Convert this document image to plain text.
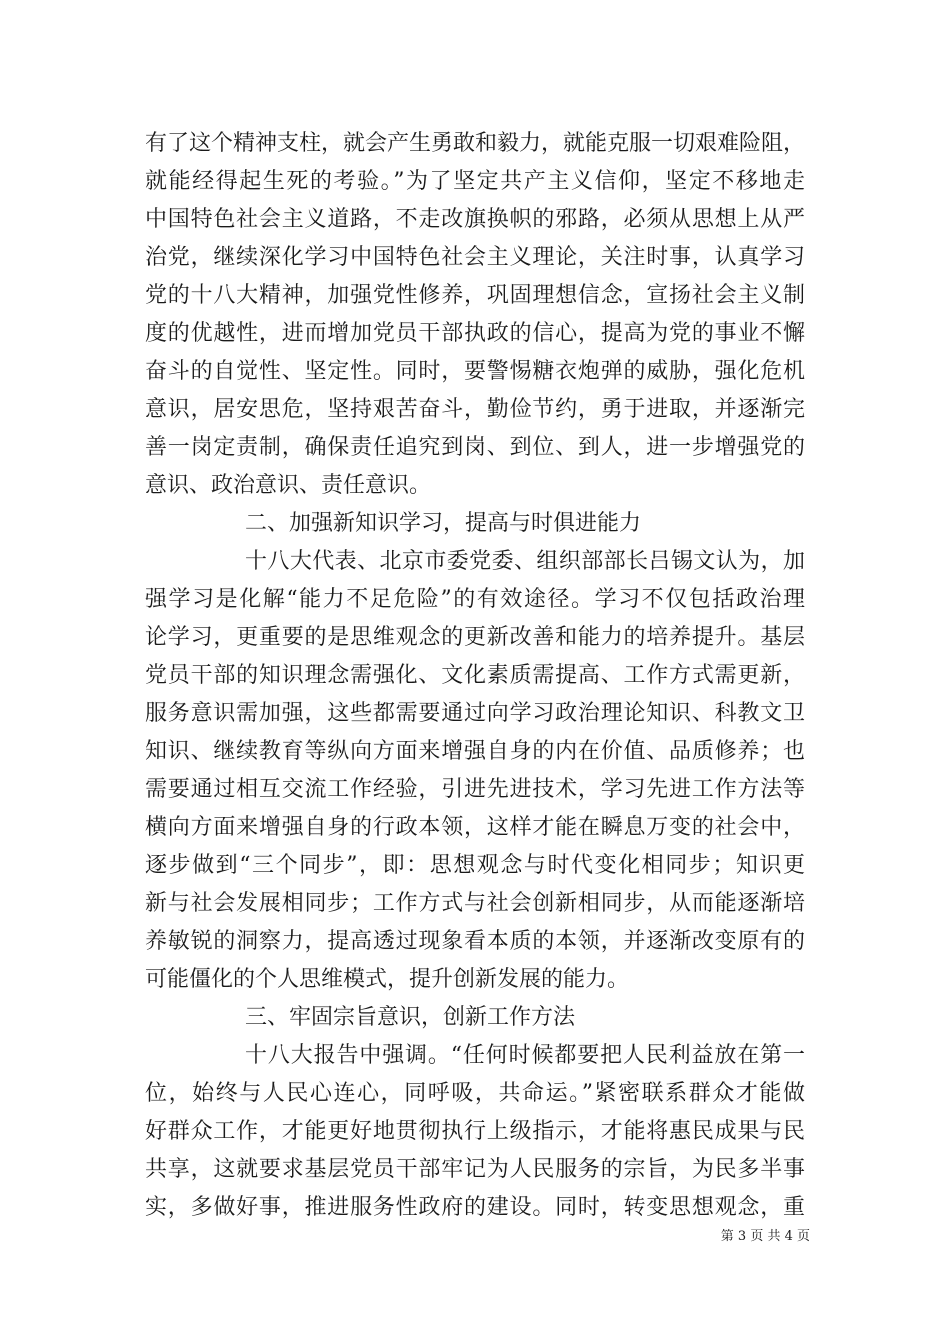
有了这个精神支柱，就会产生勇敢和毅力，就能克服一切艰难险阻，
就能经得起生死的考验。”为了坚定共产主义信仰，坚定不移地走
中国特色社会主义道路，不走改旗换帜的邪路，必须从思想上从严
治党，继续深化学习中国特色社会主义理论，关注时事，认真学习
党的十八大精神，加强党性修养，巩固理想信念，宣扬社会主义制
度的优越性，进而增加党员干部执政的信心，提高为党的事业不懈
奋斗的自觉性、坚定性。同时，要警惕糖衣炮弹的威胁，强化危机
意识，居安思危，坚持艰苦奋斗，勤俭节约，勇于进取，并逐渐完
善一岗定责制，确保责任追究到岗、到位、到人，进一步增强党的
意识、政治意识、责任意识。
二、加强新知识学习，提高与时俱进能力
十八大代表、北京市委党委、组织部部长吕锡文认为，加
强学习是化解“能力不足危险”的有效途径。学习不仅包括政治理
论学习，更重要的是思维观念的更新改善和能力的培养提升。基层
党员干部的知识理念需强化、文化素质需提高、工作方式需更新，
服务意识需加强，这些都需要通过向学习政治理论知识、科教文卫
知识、继续教育等纵向方面来增强自身的内在价值、品质修养；也
需要通过相互交流工作经验，引进先进技术，学习先进工作方法等
横向方面来增强自身的行政本领，这样才能在瞬息万变的社会中，
逐步做到“三个同步”，即：思想观念与时代变化相同步；知识更
新与社会发展相同步；工作方式与社会创新相同步，从而能逐渐培
养敏锐的洞察力，提高透过现象看本质的本领，并逐渐改变原有的
可能僵化的个人思维模式，提升创新发展的能力。
三、牢固宗旨意识，创新工作方法
十八大报告中强调。“任何时候都要把人民利益放在第一
位，始终与人民心连心，同呼吸，共命运。”紧密联系群众才能做
好群众工作，才能更好地贯彻执行上级指示，才能将惠民成果与民
共享，这就要求基层党员干部牢记为人民服务的宗旨，为民多半事
实，多做好事，推进服务性政府的建设。同时，转变思想观念，重
第 3 页 共 4 页
